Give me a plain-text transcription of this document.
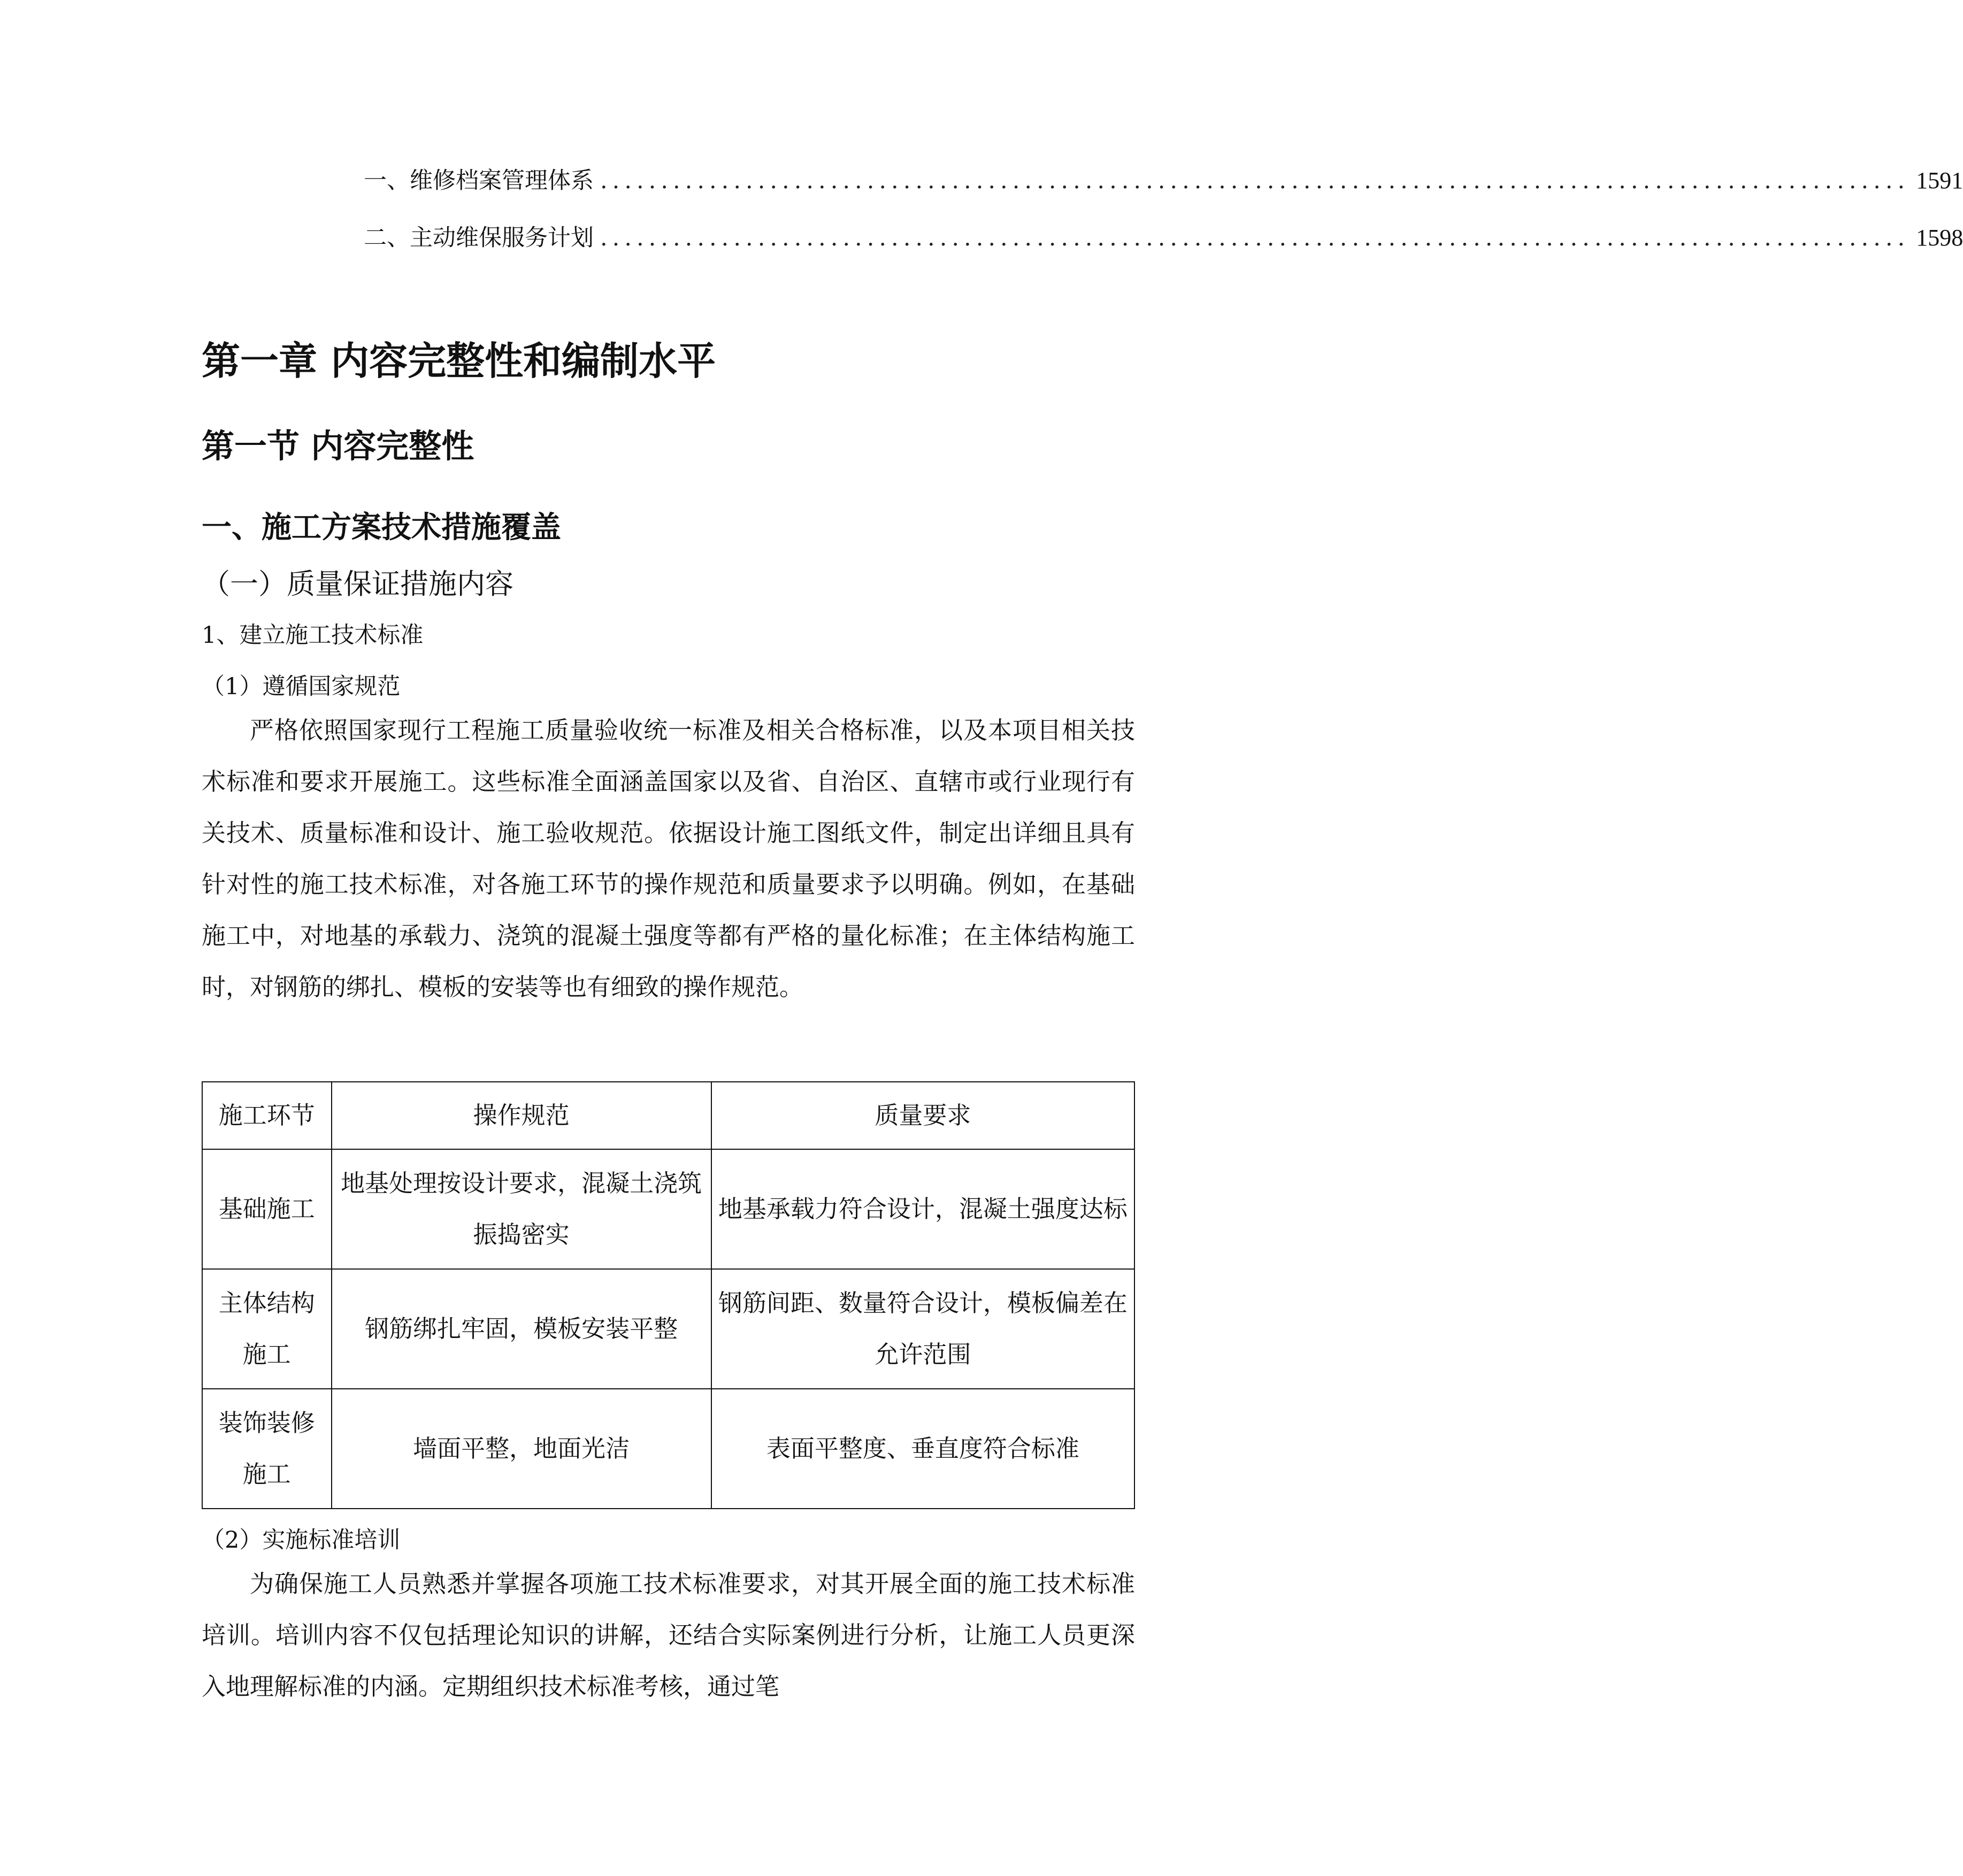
一、 维修档案管理体系 ............................................................................................................ 1591
二、 主动维保服务计划 ............................................................................................................ 1598
第一章 内容完整性和编制水平
第一节 内容完整性
一、施工方案技术措施覆盖
（一）质量保证措施内容
1、建立施工技术标准
（1）遵循国家规范

严格依照国家现行工程施工质量验收统一标准及相关合格标准，以及本项目相关技术标准和要求开展施工。这些标准全面涵盖国家以及省、自治区、直辖市或行业现行有关技术、质量标准和设计、施工验收规范。依据设计施工图纸文件，制定出详细且具有针对性的施工技术标准，对各施工环节的操作规范和质量要求予以明确。例如，在基础施工中，对地基的承载力、浇筑的混凝土强度等都有严格的量化标准；在主体结构施工时，对钢筋的绑扎、模板的安装等也有细致的操作规范。

施工环节	操作规范	质量要求
基础施工	地基处理按设计要求，混凝土浇筑振捣密实	地基承载力符合设计，混凝土强度达标
主体结构施工	钢筋绑扎牢固，模板安装平整	钢筋间距、数量符合设计，模板偏差在允许范围
装饰装修施工	墙面平整，地面光洁	表面平整度、垂直度符合标准
（2）实施标准培训

为确保施工人员熟悉并掌握各项施工技术标准要求，对其开展全面的施工技术标准培训。培训内容不仅包括理论知识的讲解，还结合实际案例进行分析，让施工人员更深入地理解标准的内涵。定期组织技术标准考核，通过笔
